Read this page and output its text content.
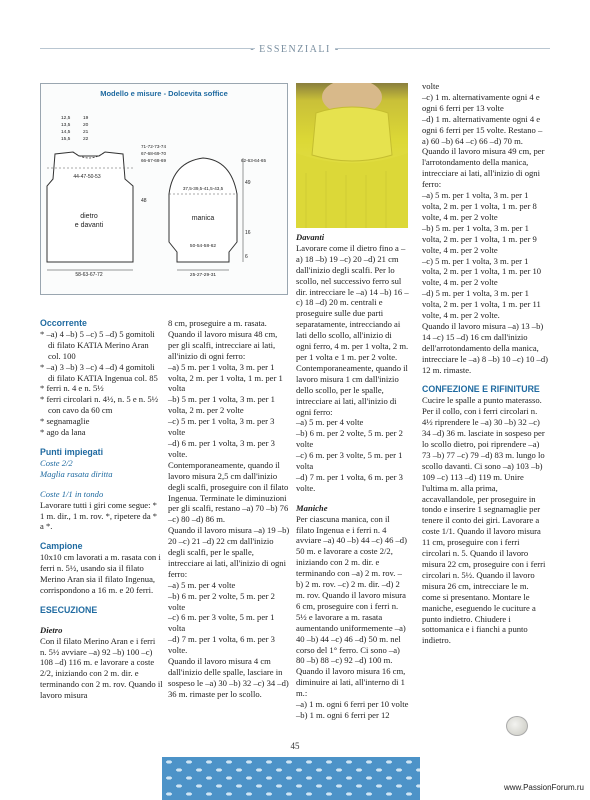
- ESSENZIALI -
Modello e misure - Dolcevita soffice
dietro
e davanti
44-47-50-53
58-63-67-72
48
71-72-73-74
67-68-69-70
66-67-68-69
12,5
13,5
14,5
15,5
19
20
21
22
manica
37,5-39,5-41,5-43,5
50-54-58-62
25-27-29-31
62-63-64-65
49
16
6

Occorrente

* –a) 4 –b) 5 –c) 5 –d) 5 gomitoli di filato KATIA Merino Aran col. 100

* –a) 3 –b) 3 –c) 4 –d) 4 gomitoli di filato KATIA Ingenua col. 85

* ferri n. 4 e n. 5½

* ferri circolari n. 4½, n. 5 e n. 5½ con cavo da 60 cm

* segnamaglie

* ago da lana

Punti impiegati

Coste 2/2

Maglia rasata diritta

Coste 1/1 in tondo

Lavorare tutti i giri come segue: * 1 m. dir., 1 m. rov. *, ripetere da * a *.

Campione

10x10 cm lavorati a m. rasata con i ferri n. 5½, usando sia il filato Merino Aran sia il filato Ingenua, corrispondono a 16 m. e 20 ferri.

ESECUZIONE

Dietro

Con il filato Merino Aran e i ferri n. 5½ avviare –a) 92 –b) 100 –c) 108 –d) 116 m. e lavorare a coste 2/2, iniziando con 2 m. dir. e terminando con 2 m. rov. Quando il lavoro misura

8 cm, proseguire a m. rasata. Quando il lavoro misura 48 cm, per gli scalfi, intrecciare ai lati, all'inizio di ogni ferro:

–a) 5 m. per 1 volta, 3 m. per 1 volta, 2 m. per 1 volta, 1 m. per 1 volta

–b) 5 m. per 1 volta, 3 m. per 1 volta, 2 m. per 2 volte

–c) 5 m. per 1 volta, 3 m. per 3 volte

–d) 6 m. per 1 volta, 3 m. per 3 volte.

Contemporaneamente, quando il lavoro misura 2,5 cm dall'inizio degli scalfi, proseguire con il filato Ingenua. Terminate le diminuzioni per gli scalfi, restano –a) 70 –b) 76 –c) 80 –d) 86 m.

Quando il lavoro misura –a) 19 –b) 20 –c) 21 –d) 22 cm dall'inizio degli scalfi, per le spalle, intrecciare ai lati, all'inizio di ogni ferro:

–a) 5 m. per 4 volte

–b) 6 m. per 2 volte, 5 m. per 2 volte

–c) 6 m. per 3 volte, 5 m. per 1 volta

–d) 7 m. per 1 volta, 6 m. per 3 volte.

Quando il lavoro misura 4 cm dall'inizio delle spalle, lasciare in sospeso le –a) 30 –b) 32 –c) 34 –d) 36 m. rimaste per lo scollo.

Davanti

Lavorare come il dietro fino a –a) 18 –b) 19 –c) 20 –d) 21 cm dall'inizio degli scalfi. Per lo scollo, nel successivo ferro sul dir. intrecciare le –a) 14 –b) 16 –c) 18 –d) 20 m. centrali e proseguire sulle due parti separatamente, intrecciando ai lati dello scollo, all'inizio di ogni ferro, 4 m. per 1 volta, 2 m. per 1 volta e 1 m. per 2 volte. Contemporaneamente, quando il lavoro misura 1 cm dall'inizio dello scollo, per le spalle, intrecciare ai lati, all'inizio di ogni ferro:

–a) 5 m. per 4 volte

–b) 6 m. per 2 volte, 5 m. per 2 volte

–c) 6 m. per 3 volte, 5 m. per 1 volta

–d) 7 m. per 1 volta, 6 m. per 3 volte.

Maniche

Per ciascuna manica, con il filato Ingenua e i ferri n. 4 avviare –a) 40 –b) 44 –c) 46 –d) 50 m. e lavorare a coste 2/2, iniziando con 2 m. dir. e terminando con –a) 2 m. rov. –b) 2 m. rov. –c) 2 m. dir. –d) 2 m. rov. Quando il lavoro misura 6 cm, proseguire con i ferri n. 5½ e lavorare a m. rasata aumentando uniformemente –a) 40 –b) 44 –c) 46 –d) 50 m. nel corso del 1° ferro. Ci sono –a) 80 –b) 88 –c) 92 –d) 100 m. Quando il lavoro misura 16 cm, diminuire ai lati, all'interno di 1 m.:

–a) 1 m. ogni 6 ferri per 10 volte

–b) 1 m. ogni 6 ferri per 12

volte

–c) 1 m. alternativamente ogni 4 e ogni 6 ferri per 13 volte

–d) 1 m. alternativamente ogni 4 e ogni 6 ferri per 15 volte. Restano –a) 60 –b) 64 –c) 66 –d) 70 m.

Quando il lavoro misura 49 cm, per l'arrotondamento della manica, intrecciare ai lati, all'inizio di ogni ferro:

–a) 5 m. per 1 volta, 3 m. per 1 volta, 2 m. per 1 volta, 1 m. per 8 volte, 4 m. per 2 volte

–b) 5 m. per 1 volta, 3 m. per 1 volta, 2 m. per 1 volta, 1 m. per 9 volte, 4 m. per 2 volte

–c) 5 m. per 1 volta, 3 m. per 1 volta, 2 m. per 1 volta, 1 m. per 10 volte, 4 m. per 2 volte

–d) 5 m. per 1 volta, 3 m. per 1 volta, 2 m. per 1 volta, 1 m. per 11 volte, 4 m. per 2 volte.

Quando il lavoro misura –a) 13 –b) 14 –c) 15 –d) 16 cm dall'inizio dell'arrotondamento della manica, intrecciare le –a) 8 –b) 10 –c) 10 –d) 12 m. rimaste.

CONFEZIONE E RIFINITURE

Cucire le spalle a punto materasso. Per il collo, con i ferri circolari n. 4½ riprendere le –a) 30 –b) 32 –c) 34 –d) 36 m. lasciate in sospeso per lo scollo dietro, poi riprendere –a) 73 –b) 77 –c) 79 –d) 83 m. lungo lo scollo davanti. Ci sono –a) 103 –b) 109 –c) 113 –d) 119 m. Unire l'ultima m. alla prima, accavallandole, per proseguire in tondo e inserire 1 segnamaglie per tenere il conto dei giri. Lavorare a coste 1/1. Quando il lavoro misura 11 cm, proseguire con i ferri circolari n. 5. Quando il lavoro misura 22 cm, proseguire con i ferri circolari n. 5½. Quando il lavoro misura 26 cm, intrecciare le m. come si presentano. Montare le maniche, eseguendo le cuciture a punto indietro. Chiudere i sottomanica e i fianchi a punto indietro.

45
www.PassionForum.ru
